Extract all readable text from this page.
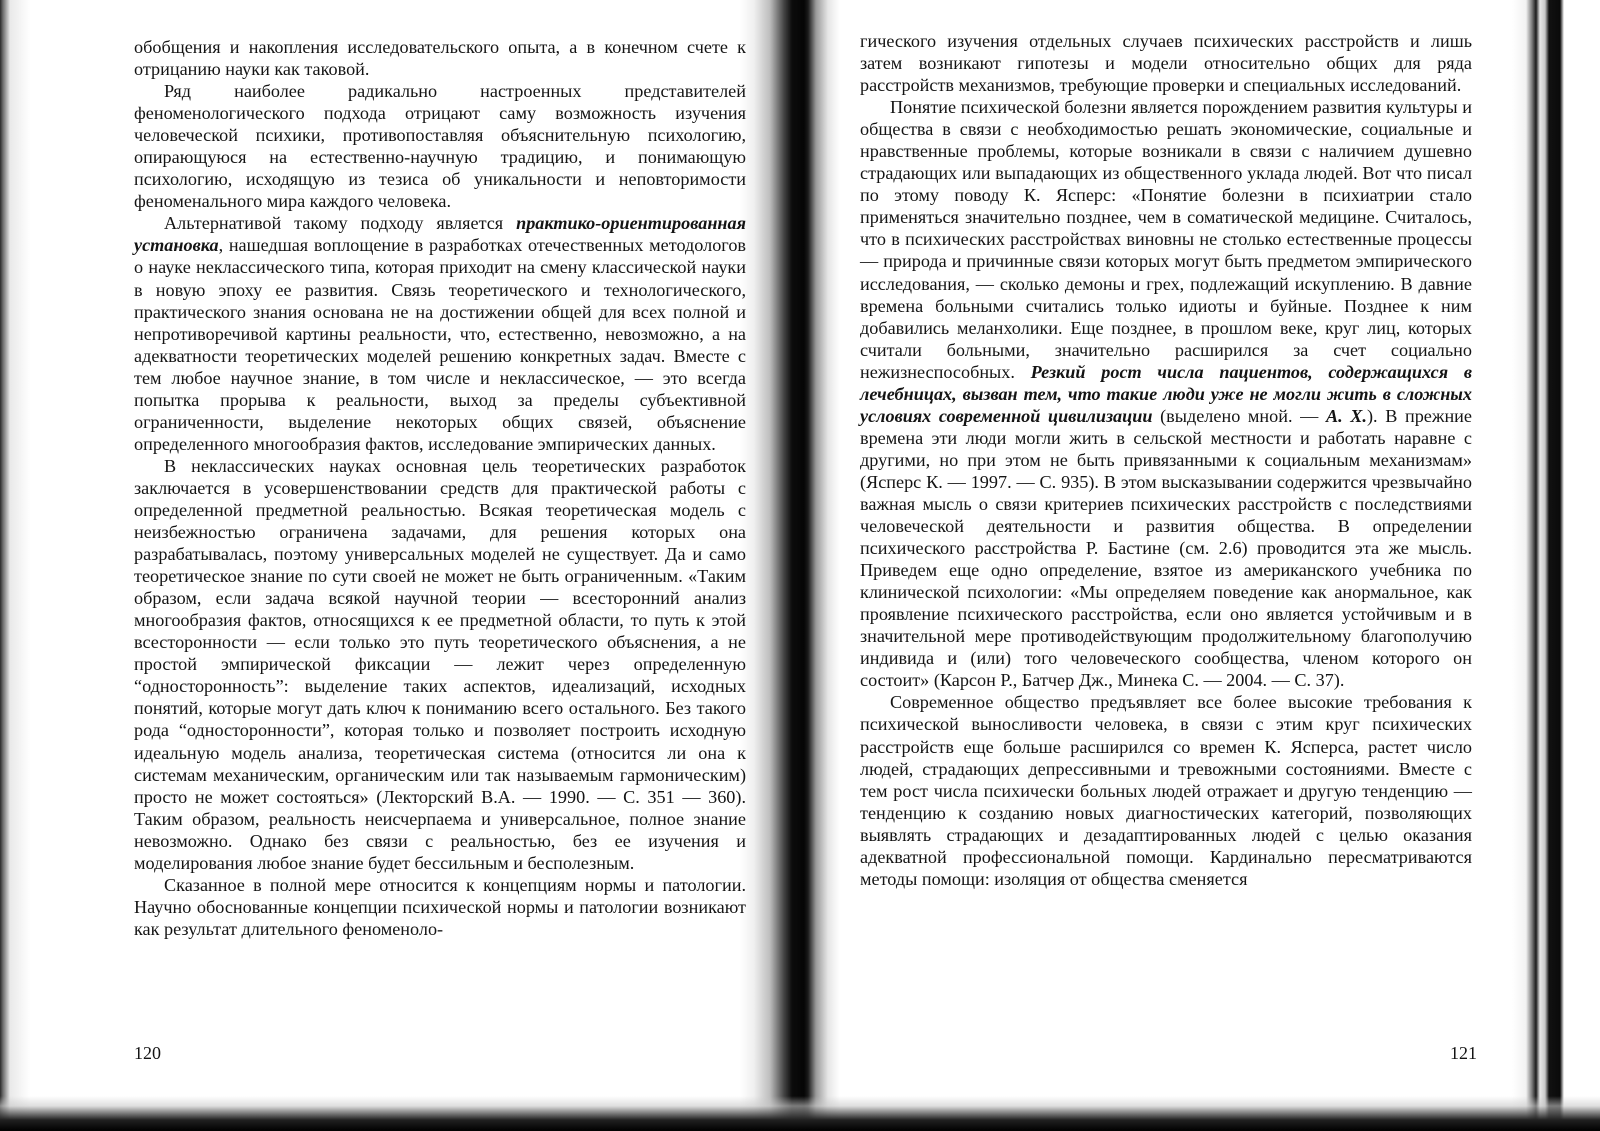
обобщения и накопления исследовательского опыта, а в конечном счете к отрицанию науки как таковой.

Ряд наиболее радикально настроенных представителей феноменологического подхода отрицают саму возможность изучения человеческой психики, противопоставляя объяснительную психологию, опирающуюся на естественно-научную традицию, и понимающую психологию, исходящую из тезиса об уникальности и неповторимости феноменального мира каждого человека.

Альтернативой такому подходу является практико-ориентированная установка, нашедшая воплощение в разработках отечественных методологов о науке неклассического типа, которая приходит на смену классической науки в новую эпоху ее развития. Связь теоретического и технологического, практического знания основана не на достижении общей для всех полной и непротиворечивой картины реальности, что, естественно, невозможно, а на адекватности теоретических моделей решению конкретных задач. Вместе с тем любое научное знание, в том числе и неклассическое, — это всегда попытка прорыва к реальности, выход за пределы субъективной ограниченности, выделение некоторых общих связей, объяснение определенного многообразия фактов, исследование эмпирических данных.

В неклассических науках основная цель теоретических разработок заключается в усовершенствовании средств для практической работы с определенной предметной реальностью. Всякая теоретическая модель с неизбежностью ограничена задачами, для решения которых она разрабатывалась, поэтому универсальных моделей не существует. Да и само теоретическое знание по сути своей не может не быть ограниченным. «Таким образом, если задача всякой научной теории — всесторонний анализ многообразия фактов, относящихся к ее предметной области, то путь к этой всесторонности — если только это путь теоретического объяснения, а не простой эмпирической фиксации — лежит через определенную “односторонность”: выделение таких аспектов, идеализаций, исходных понятий, которые могут дать ключ к пониманию всего остального. Без такого рода “односторонности”, которая только и позволяет построить исходную идеальную модель анализа, теоретическая система (относится ли она к системам механическим, органическим или так называемым гармоническим) просто не может состояться» (Лекторский В.А. — 1990. — С. 351 — 360). Таким образом, реальность неисчерпаема и универсальное, полное знание невозможно. Однако без связи с реальностью, без ее изучения и моделирования любое знание будет бессильным и бесполезным.

Сказанное в полной мере относится к концепциям нормы и патологии. Научно обоснованные концепции психической нормы и патологии возникают как результат длительного феноменоло-

120

гического изучения отдельных случаев психических расстройств и лишь затем возникают гипотезы и модели относительно общих для ряда расстройств механизмов, требующие проверки и специальных исследований.

Понятие психической болезни является порождением развития культуры и общества в связи с необходимостью решать экономические, социальные и нравственные проблемы, которые возникали в связи с наличием душевно страдающих или выпадающих из общественного уклада людей. Вот что писал по этому поводу К. Ясперс: «Понятие болезни в психиатрии стало применяться значительно позднее, чем в соматической медицине. Считалось, что в психических расстройствах виновны не столько естественные процессы — природа и причинные связи которых могут быть предметом эмпирического исследования, — сколько демоны и грех, подлежащий искуплению. В давние времена больными считались только идиоты и буйные. Позднее к ним добавились меланхолики. Еще позднее, в прошлом веке, круг лиц, которых считали больными, значительно расширился за счет социально нежизнеспособных. Резкий рост числа пациентов, содержащихся в лечебницах, вызван тем, что такие люди уже не могли жить в сложных условиях современной цивилизации (выделено мной. — А. Х.). В прежние времена эти люди могли жить в сельской местности и работать наравне с другими, но при этом не быть привязанными к социальным механизмам» (Ясперс К. — 1997. — С. 935). В этом высказывании содержится чрезвычайно важная мысль о связи критериев психических расстройств с последствиями человеческой деятельности и развития общества. В определении психического расстройства Р. Бастине (см. 2.6) проводится эта же мысль. Приведем еще одно определение, взятое из американского учебника по клинической психологии: «Мы определяем поведение как анормальное, как проявление психического расстройства, если оно является устойчивым и в значительной мере противодействующим продолжительному благополучию индивида и (или) того человеческого сообщества, членом которого он состоит» (Карсон Р., Батчер Дж., Минека С. — 2004. — С. 37).

Современное общество предъявляет все более высокие требования к психической выносливости человека, в связи с этим круг психических расстройств еще больше расширился со времен К. Ясперса, растет число людей, страдающих депрессивными и тревожными состояниями. Вместе с тем рост числа психически больных людей отражает и другую тенденцию — тенденцию к созданию новых диагностических категорий, позволяющих выявлять страдающих и дезадаптированных людей с целью оказания адекватной профессиональной помощи. Кардинально пересматриваются методы помощи: изоляция от общества сменяется

121
